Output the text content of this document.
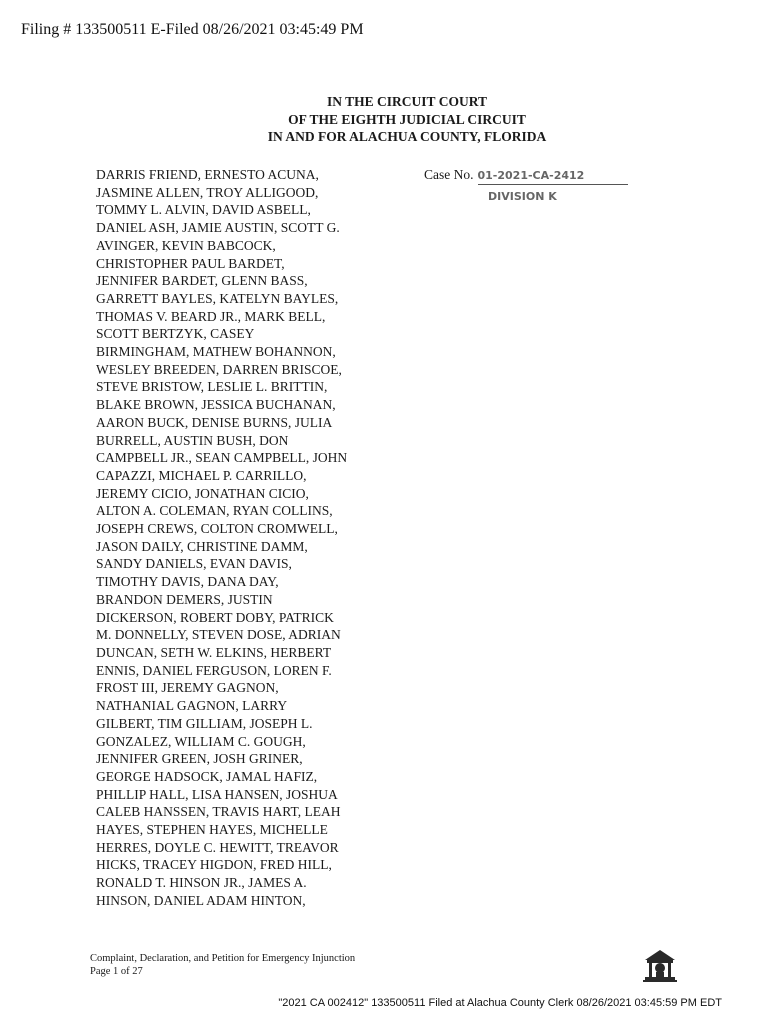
Filing # 133500511 E-Filed 08/26/2021 03:45:49 PM
IN THE CIRCUIT COURT
OF THE EIGHTH JUDICIAL CIRCUIT
IN AND FOR ALACHUA COUNTY, FLORIDA
DARRIS FRIEND, ERNESTO ACUNA,
JASMINE ALLEN, TROY ALLIGOOD,
TOMMY L. ALVIN, DAVID ASBELL,
DANIEL ASH, JAMIE AUSTIN, SCOTT G.
AVINGER, KEVIN BABCOCK,
CHRISTOPHER PAUL BARDET,
JENNIFER BARDET, GLENN BASS,
GARRETT BAYLES, KATELYN BAYLES,
THOMAS V. BEARD JR., MARK BELL,
SCOTT BERTZYK, CASEY
BIRMINGHAM, MATHEW BOHANNON,
WESLEY BREEDEN, DARREN BRISCOE,
STEVE BRISTOW, LESLIE L. BRITTIN,
BLAKE BROWN, JESSICA BUCHANAN,
AARON BUCK, DENISE BURNS, JULIA
BURRELL, AUSTIN BUSH, DON
CAMPBELL JR., SEAN CAMPBELL, JOHN
CAPAZZI, MICHAEL P. CARRILLO,
JEREMY CICIO, JONATHAN CICIO,
ALTON A. COLEMAN, RYAN COLLINS,
JOSEPH CREWS, COLTON CROMWELL,
JASON DAILY, CHRISTINE DAMM,
SANDY DANIELS, EVAN DAVIS,
TIMOTHY DAVIS, DANA DAY,
BRANDON DEMERS, JUSTIN
DICKERSON, ROBERT DOBY, PATRICK
M. DONNELLY, STEVEN DOSE, ADRIAN
DUNCAN, SETH W. ELKINS, HERBERT
ENNIS, DANIEL FERGUSON, LOREN F.
FROST III, JEREMY GAGNON,
NATHANIAL GAGNON, LARRY
GILBERT, TIM GILLIAM, JOSEPH L.
GONZALEZ, WILLIAM C. GOUGH,
JENNIFER GREEN, JOSH GRINER,
GEORGE HADSOCK, JAMAL HAFIZ,
PHILLIP HALL, LISA HANSEN, JOSHUA
CALEB HANSSEN, TRAVIS HART, LEAH
HAYES, STEPHEN HAYES, MICHELLE
HERRES, DOYLE C. HEWITT, TREAVOR
HICKS, TRACEY HIGDON, FRED HILL,
RONALD T. HINSON JR., JAMES A.
HINSON, DANIEL ADAM HINTON,
Case No. 01-2021-CA-2412
DIVISION K
Complaint, Declaration, and Petition for Emergency Injunction
Page 1 of 27
"2021 CA 002412" 133500511 Filed at Alachua County Clerk 08/26/2021 03:45:59 PM EDT
